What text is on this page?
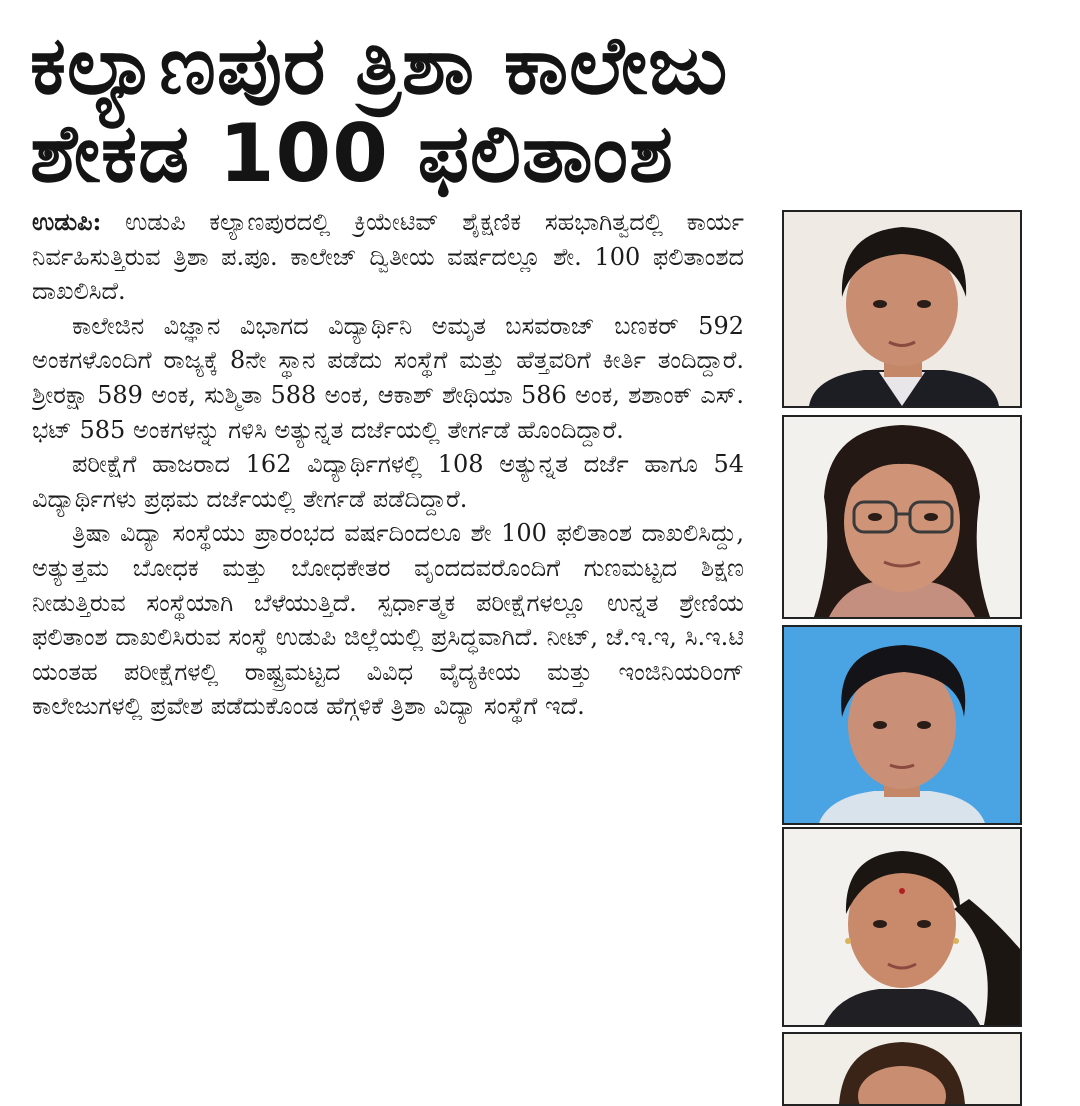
ಕಲ್ಯಾಣಪುರ ತ್ರಿಶಾ ಕಾಲೇಜು
ಶೇಕಡ 100 ಫಲಿತಾಂಶ

ಉಡುಪಿ: ಉಡುಪಿ ಕಲ್ಯಾಣಪುರದಲ್ಲಿ ಕ್ರಿಯೇಟಿವ್ ಶೈಕ್ಷಣಿಕ ಸಹಭಾಗಿತ್ವದಲ್ಲಿ ಕಾರ್ಯ ನಿರ್ವಹಿಸುತ್ತಿರುವ ತ್ರಿಶಾ ಪ.ಪೂ. ಕಾಲೇಜ್ ದ್ವಿತೀಯ ವರ್ಷದಲ್ಲೂ ಶೇ. 100 ಫಲಿತಾಂಶದ ದಾಖಲಿಸಿದೆ.

ಕಾಲೇಜಿನ ವಿಜ್ಞಾನ ವಿಭಾಗದ ವಿದ್ಯಾರ್ಥಿನಿ ಅಮೃತ ಬಸವರಾಜ್ ಬಣಕರ್ 592 ಅಂಕಗಳೊಂದಿಗೆ ರಾಜ್ಯಕ್ಕೆ 8ನೇ ಸ್ಥಾನ ಪಡೆದು ಸಂಸ್ಥೆಗೆ ಮತ್ತು ಹೆತ್ತವರಿಗೆ ಕೀರ್ತಿ ತಂದಿದ್ದಾರೆ. ಶ್ರೀರಕ್ಷಾ 589 ಅಂಕ, ಸುಶ್ಮಿತಾ 588 ಅಂಕ, ಆಕಾಶ್ ಶೇಥಿಯಾ 586 ಅಂಕ, ಶಶಾಂಕ್ ಎಸ್. ಭಟ್ 585 ಅಂಕಗಳನ್ನು ಗಳಿಸಿ ಅತ್ಯುನ್ನತ ದರ್ಜೆಯಲ್ಲಿ ತೇರ್ಗಡೆ ಹೊಂದಿದ್ದಾರೆ.

ಪರೀಕ್ಷೆಗೆ ಹಾಜರಾದ 162 ವಿದ್ಯಾರ್ಥಿಗಳಲ್ಲಿ 108 ಅತ್ಯುನ್ನತ ದರ್ಜೆ ಹಾಗೂ 54 ವಿದ್ಯಾರ್ಥಿಗಳು ಪ್ರಥಮ ದರ್ಜೆಯಲ್ಲಿ ತೇರ್ಗಡೆ ಪಡೆದಿದ್ದಾರೆ.

ತ್ರಿಷಾ ವಿದ್ಯಾ ಸಂಸ್ಥೆಯು ಪ್ರಾರಂಭದ ವರ್ಷದಿಂದಲೂ ಶೇ 100 ಫಲಿತಾಂಶ ದಾಖಲಿಸಿದ್ದು, ಅತ್ಯುತ್ತಮ ಬೋಧಕ ಮತ್ತು ಬೋಧಕೇತರ ವೃಂದದವರೊಂದಿಗೆ ಗುಣಮಟ್ಟದ ಶಿಕ್ಷಣ ನೀಡುತ್ತಿರುವ ಸಂಸ್ಥೆಯಾಗಿ ಬೆಳೆಯುತ್ತಿದೆ. ಸ್ಪರ್ಧಾತ್ಮಕ ಪರೀಕ್ಷೆಗಳಲ್ಲೂ ಉನ್ನತ ಶ್ರೇಣಿಯ ಫಲಿತಾಂಶ ದಾಖಲಿಸಿರುವ ಸಂಸ್ಥೆ ಉಡುಪಿ ಜಿಲ್ಲೆಯಲ್ಲಿ ಪ್ರಸಿದ್ಧವಾಗಿದೆ. ನೀಟ್, ಜೆ.ಇ.ಇ, ಸಿ.ಇ.ಟಿ ಯಂತಹ ಪರೀಕ್ಷೆಗಳಲ್ಲಿ ರಾಷ್ಟ್ರಮಟ್ಟದ ವಿವಿಧ ವೈದ್ಯಕೀಯ ಮತ್ತು ಇಂಜಿನಿಯರಿಂಗ್ ಕಾಲೇಜುಗಳಲ್ಲಿ ಪ್ರವೇಶ ಪಡೆದುಕೊಂಡ ಹೆಗ್ಗಳಿಕೆ ತ್ರಿಶಾ ವಿದ್ಯಾ ಸಂಸ್ಥೆಗೆ ಇದೆ.
